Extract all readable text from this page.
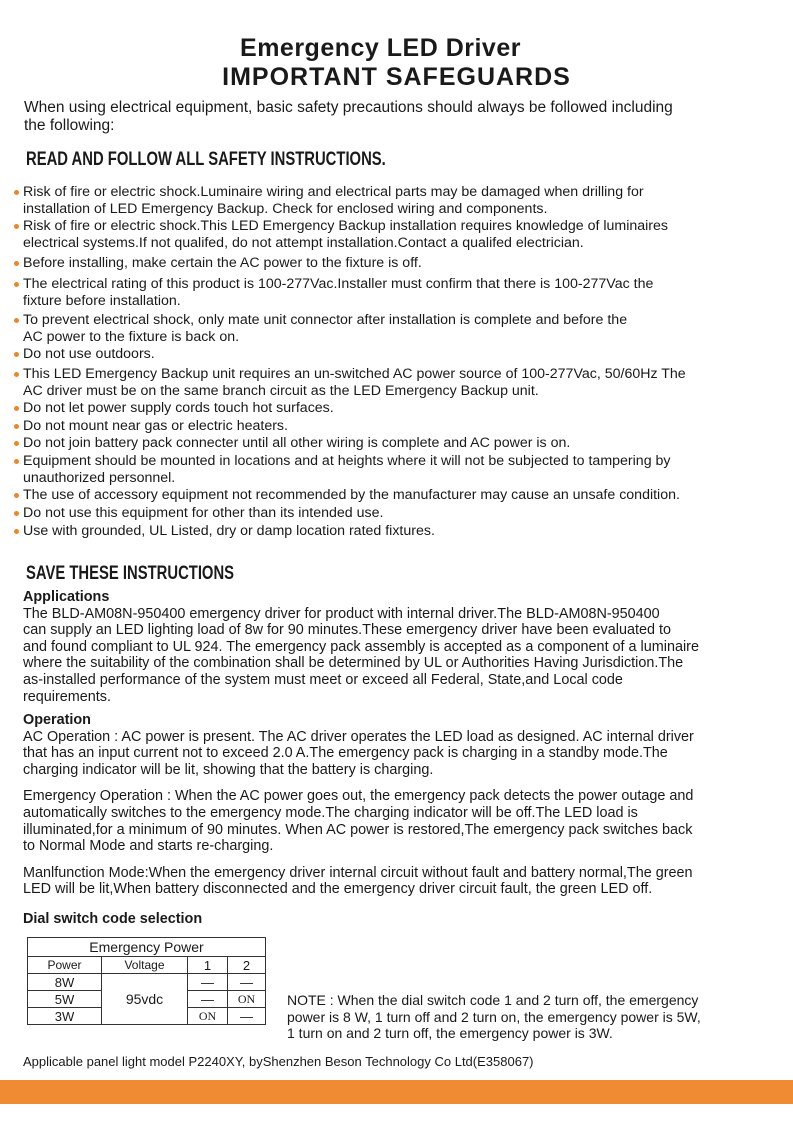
Emergency LED Driver
IMPORTANT SAFEGUARDS
When using electrical equipment, basic safety precautions should always be followed including
the following:
READ AND FOLLOW ALL SAFETY INSTRUCTIONS.
Risk of fire or electric shock.Luminaire wiring and electrical parts may be damaged when drilling for
installation of LED Emergency Backup. Check for enclosed wiring and components.
Risk of fire or electric shock.This LED Emergency Backup installation requires knowledge of luminaires
electrical systems.If not qualifed, do not attempt installation.Contact a qualifed electrician.
Before installing, make certain the AC power to the fixture is off.
The electrical rating of this product is 100-277Vac.Installer must confirm that there is 100-277Vac the
fixture before installation.
To prevent electrical shock, only mate unit connector after installation is complete and before the
AC power to the fixture is back on.
Do not use outdoors.
This LED Emergency Backup unit requires an un-switched AC power source of 100-277Vac, 50/60Hz The
AC driver must be on the same branch circuit as the LED Emergency Backup unit.
Do not let power supply cords touch hot surfaces.
Do not mount near gas or electric heaters.
Do not join battery pack connecter until all other wiring is complete and AC power is on.
Equipment should be mounted in locations and at heights where it will not be subjected to tampering by
unauthorized personnel.
The use of accessory equipment not recommended by the manufacturer may cause an unsafe condition.
Do not use this equipment for other than its intended use.
Use with grounded, UL Listed, dry or damp location rated fixtures.
SAVE THESE INSTRUCTIONS
Applications
The BLD-AM08N-950400 emergency driver for product with internal driver.The BLD-AM08N-950400
can supply an LED lighting load of 8w for 90 minutes.These emergency driver have been evaluated to
and found compliant to UL 924. The emergency pack assembly is accepted as a component of a luminaire
where the suitability of the combination shall be determined by UL or Authorities Having Jurisdiction.The
as-installed performance of the system must meet or exceed all Federal, State,and Local code
requirements.
Operation
AC Operation : AC power is present. The AC driver operates the LED load as designed. AC internal driver
that has an input current not to exceed 2.0 A.The emergency pack is charging in a standby mode.The
charging indicator will be lit, showing that the battery is charging.
Emergency Operation : When the AC power goes out, the emergency pack detects the power outage and
automatically switches to the emergency mode.The charging indicator will be off.The LED load is
illuminated,for a minimum of 90 minutes. When AC power is restored,The emergency pack switches back
to Normal Mode and starts re-charging.
Manlfunction Mode:When the emergency driver internal circuit without fault and battery normal,The green
LED will be lit,When battery disconnected and the emergency driver circuit fault, the green LED off.
Dial switch code selection
Emergency Power			
Power	Voltage	1	2
8W	95vdc	—	—
5W		—	ON
3W		ON	—
NOTE : When the dial switch code 1 and 2 turn off, the emergency
power is 8 W, 1 turn off and 2 turn on, the emergency power is 5W,
1 turn on and 2 turn off, the emergency power is 3W.
Applicable panel light model P2240XY, byShenzhen Beson Technology Co Ltd(E358067)
